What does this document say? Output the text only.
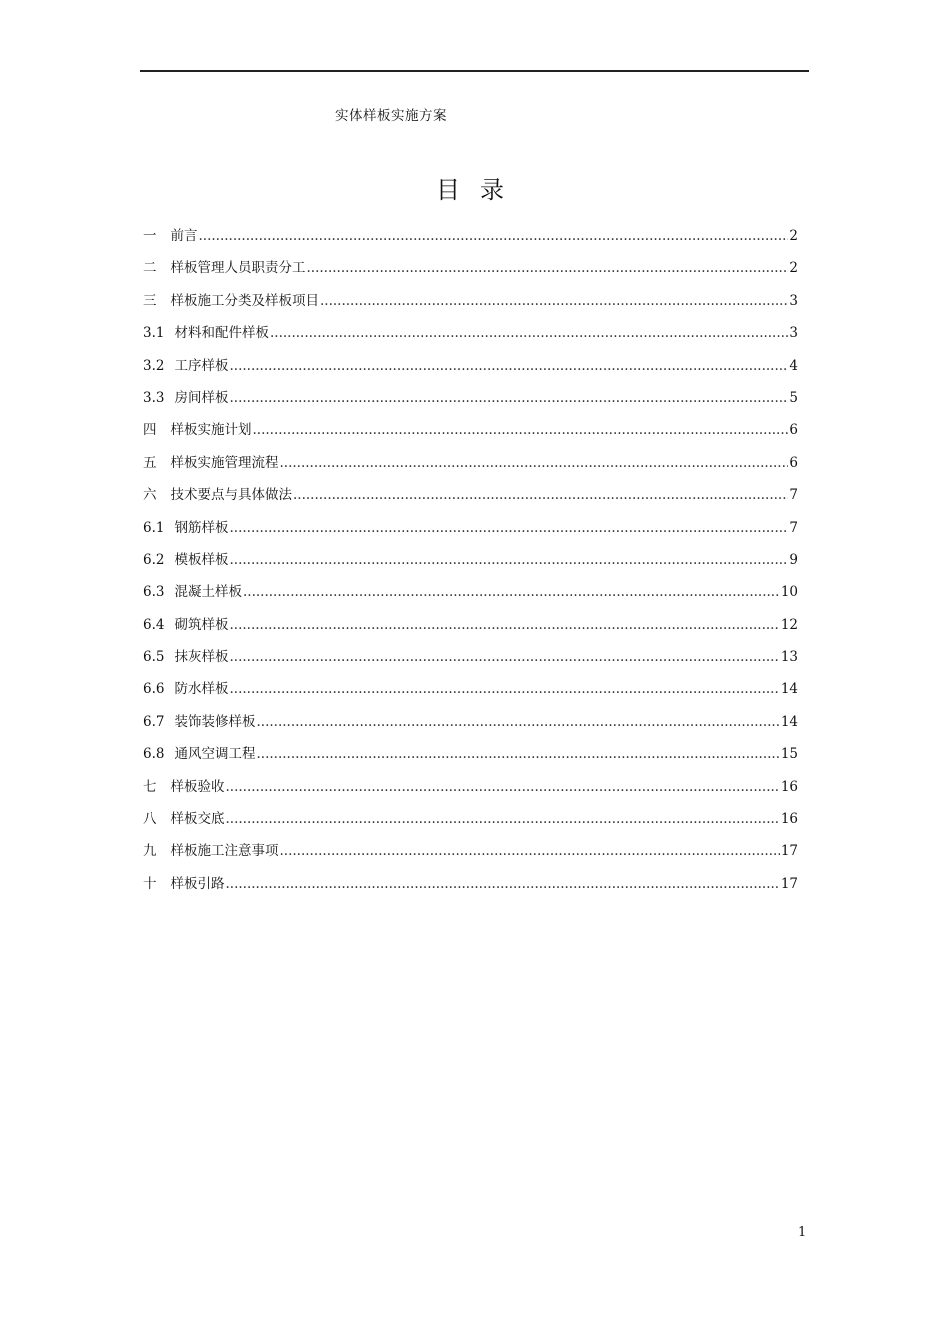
实体样板实施方案
目录
一 前言 .....	2
二 样板管理人员职责分工 .....	2
三 样板施工分类及样板项目 .....	3
3.1 材料和配件样板 .....	3
3.2 工序样板 .....	4
3.3 房间样板 .....	5
四 样板实施计划 .....	6
五 样板实施管理流程 .....	6
六 技术要点与具体做法 .....	7
6.1 钢筋样板 .....	7
6.2 模板样板 .....	9
6.3 混凝土样板 .....	10
6.4 砌筑样板 .....	12
6.5 抹灰样板 .....	13
6.6 防水样板 .....	14
6.7 装饰装修样板 .....	14
6.8 通风空调工程 .....	15
七 样板验收 .....	16
八 样板交底 .....	16
九 样板施工注意事项 .....	17
十 样板引路 .....	17
1
